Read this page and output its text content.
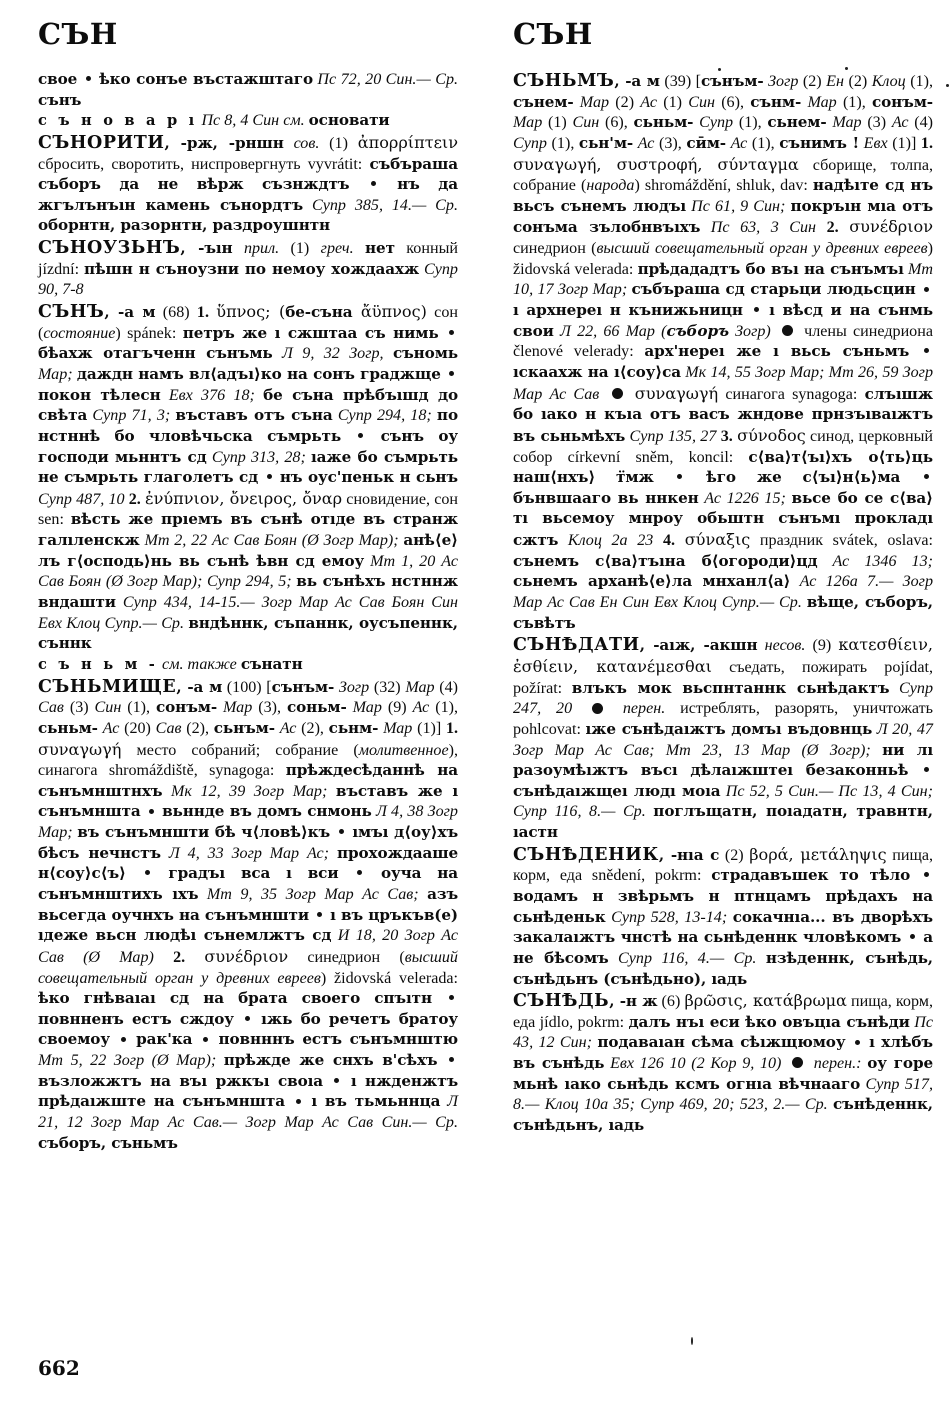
СЪН	СЪН

свое ѣко сонъе въстажштаго Пс 72, 20 Син.— Ср. сънъ

с ъ н о в а р ı Пс 8, 4 Син см. основати

СЪНОРИТИ, -рж, -рншн сов. (1) ἀπορρίπτειν сбросить, своротить, ниспровергнуть vyvrátit: събъраша съборъ да не вѣрж съзнждтъ	нъ да жгълънъıн камень сънордтъ Супр 385, 14.— Ср. оборнтн, разорнтн, раздроушнтн

СЪНОУЗЬНЪ, -ъıн прил. (1) греч. нет конный jízdní: пѣшн н съноузни по немоу хождаахж Супр 90, 7-8

СЪНЪ, -а м (68) 1. ὕπνος; (бе-съна ἄϋπνος) сон (состояние) spánek: петръ же ı сжштаа съ нимь  бѣахж отагъченн сънъмь Л 9, 32 Зогр, съномь Мар; даждн намъ вл⟨адъı⟩ко на сонъ граджще  покон тѣлесн Евх 376 18; бе съна прѣбъıшд до свѣта Супр 71, 3; въставъ отъ съна Супр 294, 18; по нстннѣ бо чловѣчьска съмрьть	сънъ оу господи мьннтъ сд Супр 313, 28; ıаже бо съмрьть не съмрьть глаголетъ сд нъ оус'пеньк н сьнъ Супр 487, 10 2. ἐνύπνιον, ὄνειρος, ὄναρ сновидение, сон sen: вѣсть же прıемъ въ сънѣ отıде въ странж галıленскж Мт 2, 22 Ас Сав Боян (Ø Зогр Мар); анѣ⟨е⟩лъ г⟨осподь⟩нь вь сънѣ ѣвн сд емоу Мт 1, 20 Ас Сав Боян (Ø Зогр Мар); Супр 294, 5; вь сънѣхъ нстннж вндашти Супр 434, 14-15.— Зогр Мар Ас Сав Боян Син Евх Клоц Супр.— Ср. вндѣннк, съпаннк, оусъпеннк, съннк

с ъ н ь м - см. также сънатн

СЪНЬМИЩЕ, -а м (100) [сънъм- Зогр (32) Мар (4) Сав (3) Син (1), сонъм- Мар (3), соньм- Мар (9) Ас (1), сьньм- Ас (20) Сав (2), сьнъм- Ас (2), сьнм- Мар (1)] 1. συναγωγή место собраний; собрание (молитвенное), синагога shromáždiště, synagoga: прѣждесѣданнѣ на сънъмнштнхъ Мк 12, 39 Зогр Мар; въставъ же ı сънъмншта вьннде въ домъ снмонь Л 4, 38 Зогр Мар; въ сънъмншти бѣ ч⟨ловѣ⟩къ ıмъı д⟨оу⟩хъ бѣсъ нечнстъ Л 4, 33 Зогр Мар Ас; прохождааше н⟨соу⟩с⟨ъ⟩	градъı вса ı вси	оуча на сънъмнштихъ ıхъ Мт 9, 35 Зогр Мар Ас Сав; азъ вьсегда оучнхъ на сънъмншти ı въ цръкъв(е) ıдеже вьсн людѣı сънемлжтъ сд И 18, 20 Зогр Ас Сав (Ø Мар) 2. συνέδριον синедрион (высший совещательный орган у древних евреев) židovská velerada: ѣко гнѣваıаı сд на брата своего спъıтн  повнненъ естъ сждоу ıжь бо речетъ братоу своемоу рак'ка повнннъ естъ сънъмнштю Мт 5, 22 Зогр (Ø Мар); прѣжде же снхъ в'сѣхъ  възложжтъ на въı ржкъı своıа ı нжденжтъ прѣдаıжште на сънъмншта ı въ тьмьннца Л 21, 12 Зогр Мар Ас Сав.— Зогр Мар Ас Сав Син.— Ср. съборъ, съньмъ

СЪНЬМЪ, -а м (39) [сънъм- Зогр (2) Ен (2) Клоц (1), сънем- Мар (2) Ас (1) Син (6), сънм- Мар (1), сонъм- Мар (1) Син (6), сьньм- Супр (1), сьнем- Мар (3) Ас (4) Супр (1), сьн'м- Ас (3), сӣм- Ас (1), сънимъ ! Евх (1)] 1. συναγωγή, συστροφή, σύνταγμα сборище, толпа, собрание (народа) shromáždění, shluk, dav: надѣıте сд нъ вьсъ сънемъ людъı Пс 61, 9 Син; покръıн мıа отъ сонъма зълобнвъıхъ Пс 63, 3 Син 2. συνέδριον синедрион (высший совещательный орган у древних евреев) židovská velerada: прѣдададтъ бо въı на сънъмъı Мт 10, 17 Зогр Мар; събъраша сд старьци людьсцин  ı архнереı н кънижьницн ı вѣсд и на сънмь свои Л 22, 66 Мар (съборъ Зогр)  члены синедриона členové velerady: арх'нереı же ı вьсь съньмъ  ıскаахж на ı⟨соу⟩са Мк 14, 55 Зогр Мар; Мт 26, 59 Зогр Мар Ас Сав συναγωγή синагога synagoga: слъıшж бо ıако н къıа отъ васъ жндове прнзъıваıжтъ въ сьньмѣхъ Супр 135, 27 3. σύνοδος синод, церковный собор církevní sněm, koncil: с⟨ва⟩т⟨ъı⟩хъ о⟨ть⟩ць наш⟨нхъ⟩ т̈мж	ѣго же с⟨ъı⟩н⟨ь⟩ма  бънвшааго вь ннкен Ас 1226 15; вьсе бо се с⟨ва⟩тı вьсемоу мнроу обьштн сънъмı прокладı сжтъ Клоц 2а 23 4. σύναξις праздник svátek, oslava: сънемъ с⟨ва⟩тъıна б⟨огороди⟩цд Ас 1346 13; сьнемъ арханѣ⟨е⟩ла мнханл⟨а⟩ Ас 126а 7.— Зогр Мар Ас Сав Ен Син Евх Клоц Супр.— Ср. вѣще, съборъ, съвѣтъ

СЪНѢДАТИ, -аıж, -акшн несов. (9) κατεσθίειν, ἐσθίειν, κατανέμεσθαι съедать, пожирать pojídat, požírat: влъкъ мок вьспнтаннк сьнѣдактъ Супр 247, 20	перен. истреблять, разорять, уничтожать pohlcovat: ıже сънѣдаıжтъ домъı въдовнць Л 20, 47 Зогр Мар Ас Сав; Мт 23, 13 Мар (Ø Зогр); ни лı разоумѣıжтъ въсı дѣлаıжштеı безаконньѣ  сънѣдаıжщеı людı моıа Пс 52, 5 Син.— Пс 13, 4 Син; Супр 116, 8.— Ср. поглъщатн, поıадатн, травнтн, ıастн

СЪНѢДЕНИК, -нıа с (2) βορά, μετάληψις пища, корм, еда snědení, pokrm: страдавъшек то тѣло  водамъ н звѣрьмъ н птнцамъ прѣдахъ на сьнѣденьк Супр 528, 13-14; сокачнıа... въ дворѣхъ закалаıжтъ чнстѣ на сьнѣденнк чловѣкомъ а не бѣсомъ Супр 116, 4.— Ср. нзѣденнк, сънѣдь, сънѣдьнъ (сънѣдьно), ıадь

СЪНѢДЬ, -н ж (6) βρῶσις, κατάβρωμα пища, корм, еда jídlo, pokrm: далъ нъı еси ѣко овъцıа сънѣди Пс 43, 12 Син; подаваıан сѣма сѣıжщюмоу ı хлѣбъ въ сънѣдь Евх 126 10 (2 Кор 9, 10) перен.: оу горе мьнѣ ıако сьнѣдь ксмъ огнıа вѣчнааго Супр 517, 8.— Клоц 10а 35; Супр 469, 20; 523, 2.— Ср. сънѣденнк, сънѣдьнъ, ıадь

662
